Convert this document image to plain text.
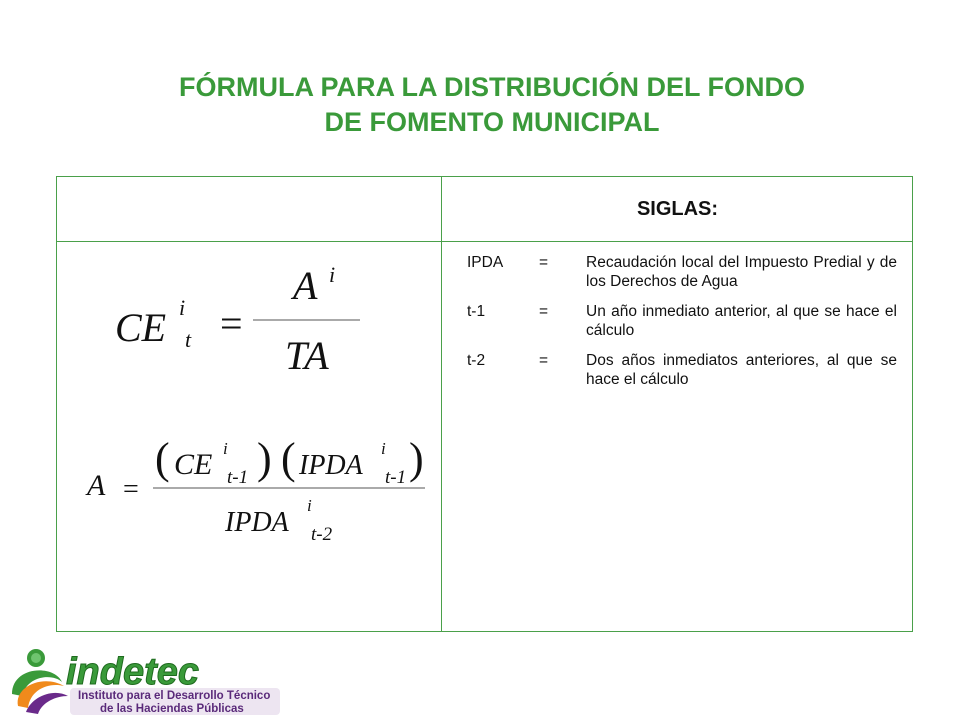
FÓRMULA PARA LA DISTRIBUCIÓN DEL FONDO
DE FOMENTO MUNICIPAL
SIGLAS:
IPDA	=	Recaudación local del Impuesto Predial y de los Derechos de Agua
t-1	=	Un año inmediato anterior, al que se hace el cálculo
t-2	=	Dos años inmediatos anteriores, al que se hace el cálculo
CE i
t =
A i
TA
A =
( CE i
t-1 ) ( IPDA
i
t-1 )
IPDA
i
t-2
indetec
Instituto para el Desarrollo Técnico
de las Haciendas Públicas
